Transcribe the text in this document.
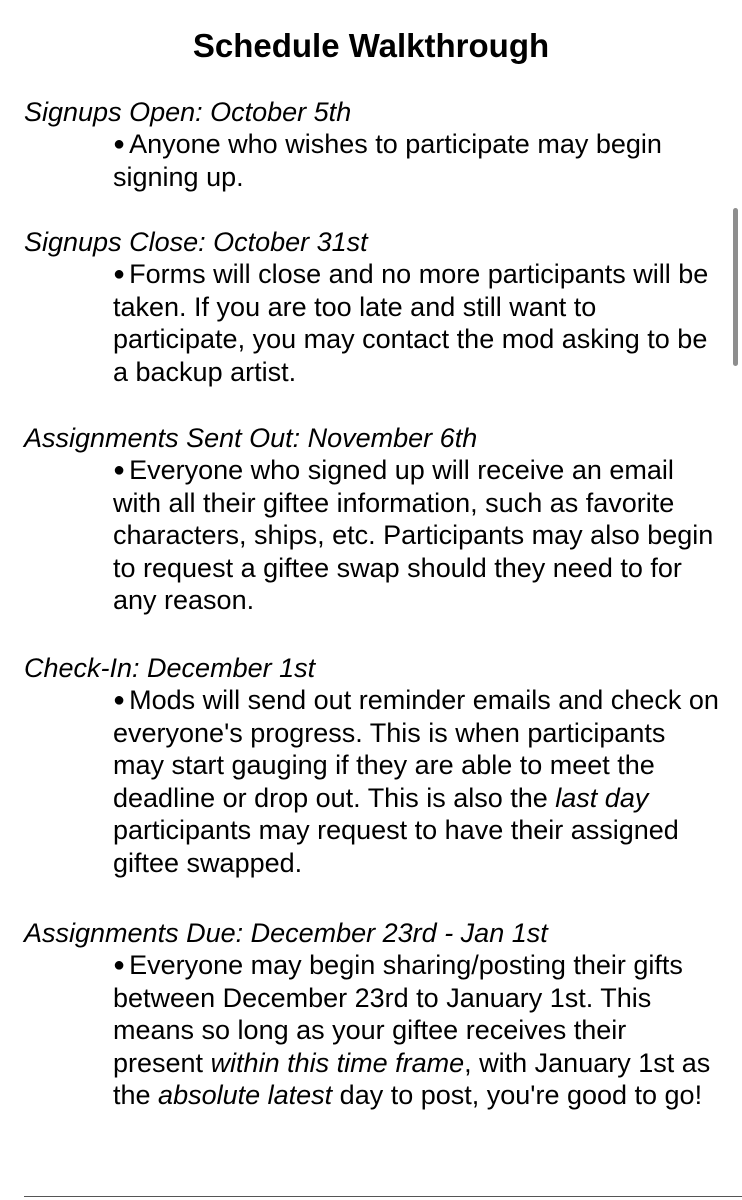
Schedule Walkthrough

Signups Open: October 5th

● Anyone who wishes to participate may begin signing up.

Signups Close: October 31st

● Forms will close and no more participants will be taken. If you are too late and still want to participate, you may contact the mod asking to be a backup artist.

Assignments Sent Out: November 6th

● Everyone who signed up will receive an email with all their giftee information, such as favorite characters, ships, etc. Participants may also begin to request a giftee swap should they need to for any reason.

Check-In: December 1st

● Mods will send out reminder emails and check on everyone's progress. This is when participants may start gauging if they are able to meet the deadline or drop out. This is also the last day participants may request to have their assigned giftee swapped.

Assignments Due: December 23rd - Jan 1st

● Everyone may begin sharing/posting their gifts between December 23rd to January 1st. This means so long as your giftee receives their present within this time frame, with January 1st as the absolute latest day to post, you're good to go!
